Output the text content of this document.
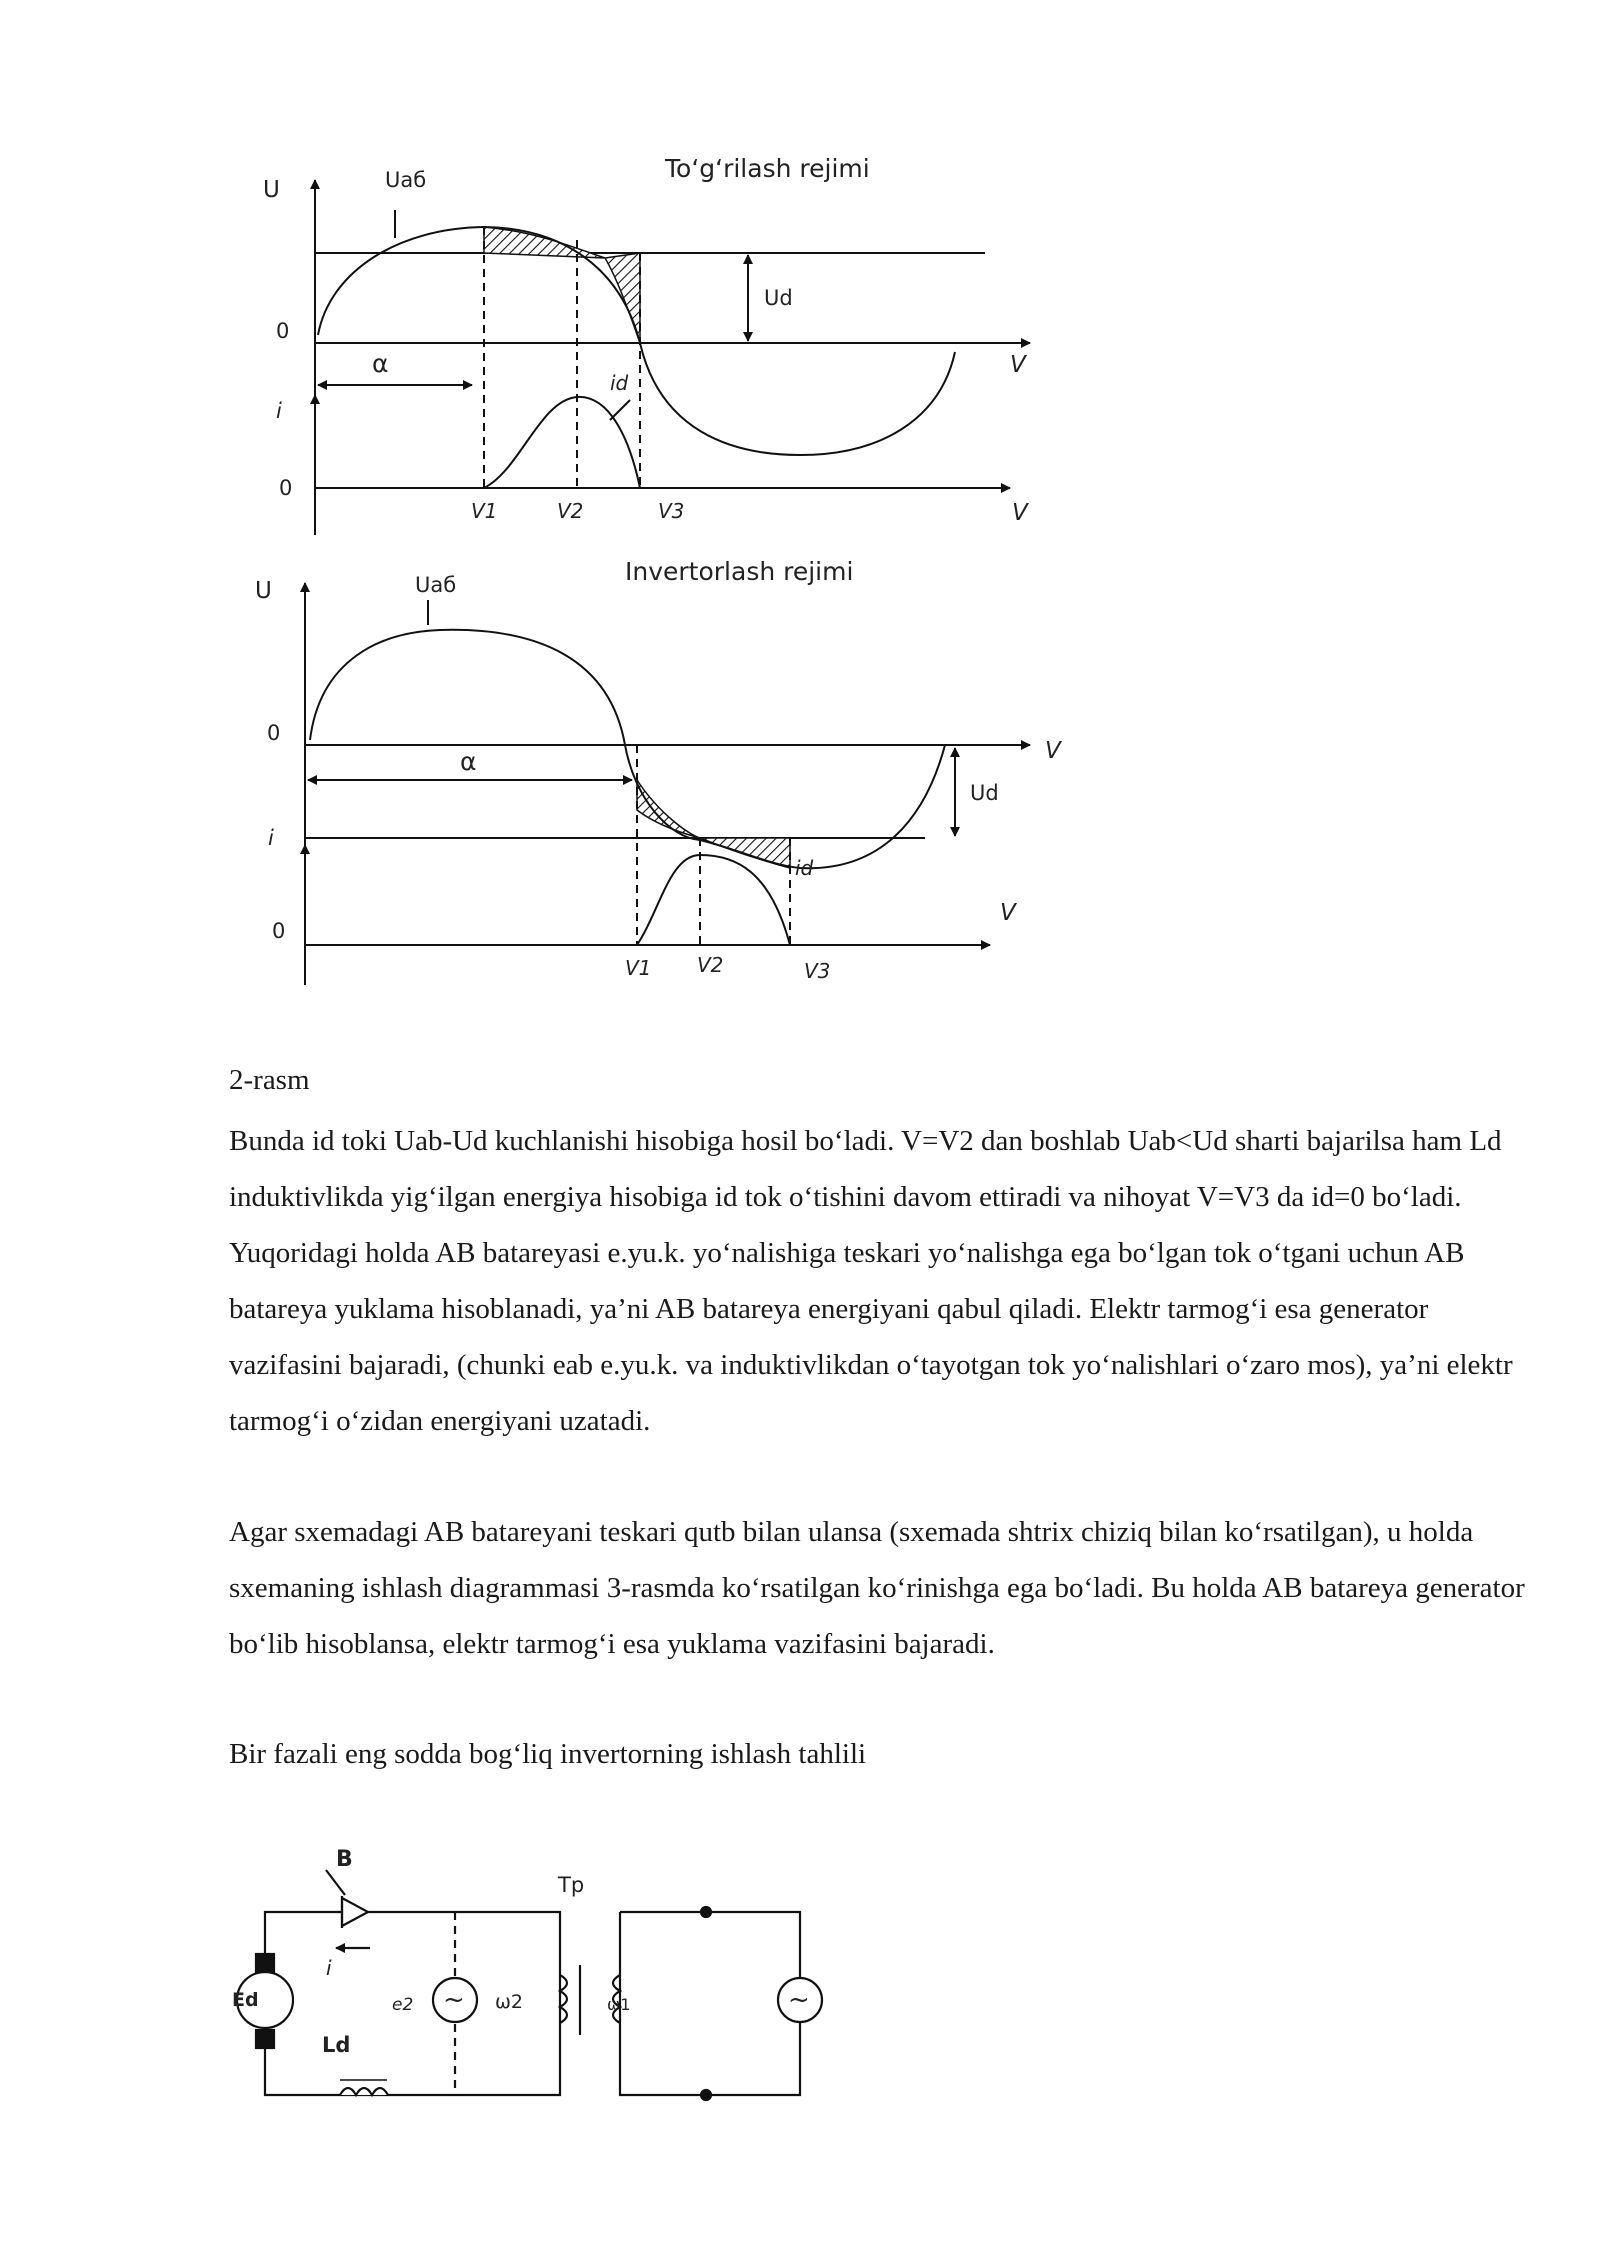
To‘g‘rilash rejimi
U	Uаб
0
α
Ud
id
V
i
0
V
V1	V2	V3
Invertorlash rejimi
U	Uаб
0
α
Ud
id
V
i
0
V
V1 V2	V3
B
i
Ed
Ld
e2 ~ ω2	ω1
Tp
~

2-rasm

Bunda id toki Uab-Ud kuchlanishi hisobiga hosil bo‘ladi. V=V2 dan boshlab Uab<Ud sharti bajarilsa ham Ld induktivlikda yig‘ilgan energiya hisobiga id tok o‘tishini davom ettiradi va nihoyat V=V3 da id=0 bo‘ladi. Yuqoridagi holda AB batareyasi e.yu.k. yo‘nalishiga teskari yo‘nalishga ega bo‘lgan tok o‘tgani uchun AB batareya yuklama hisoblanadi, ya’ni AB batareya energiyani qabul qiladi. Elektr tarmog‘i esa generator vazifasini bajaradi, (chunki eab e.yu.k. va induktivlikdan o‘tayotgan tok yo‘nalishlari o‘zaro mos), ya’ni elektr tarmog‘i o‘zidan energiyani uzatadi.

Agar sxemadagi AB batareyani teskari qutb bilan ulansa (sxemada shtrix chiziq bilan ko‘rsatilgan), u holda sxemaning ishlash diagrammasi 3-rasmda ko‘rsatilgan ko‘rinishga ega bo‘ladi. Bu holda AB batareya generator bo‘lib hisoblansa, elektr tarmog‘i esa yuklama vazifasini bajaradi.

Bir fazali eng sodda bog‘liq invertorning ishlash tahlili
